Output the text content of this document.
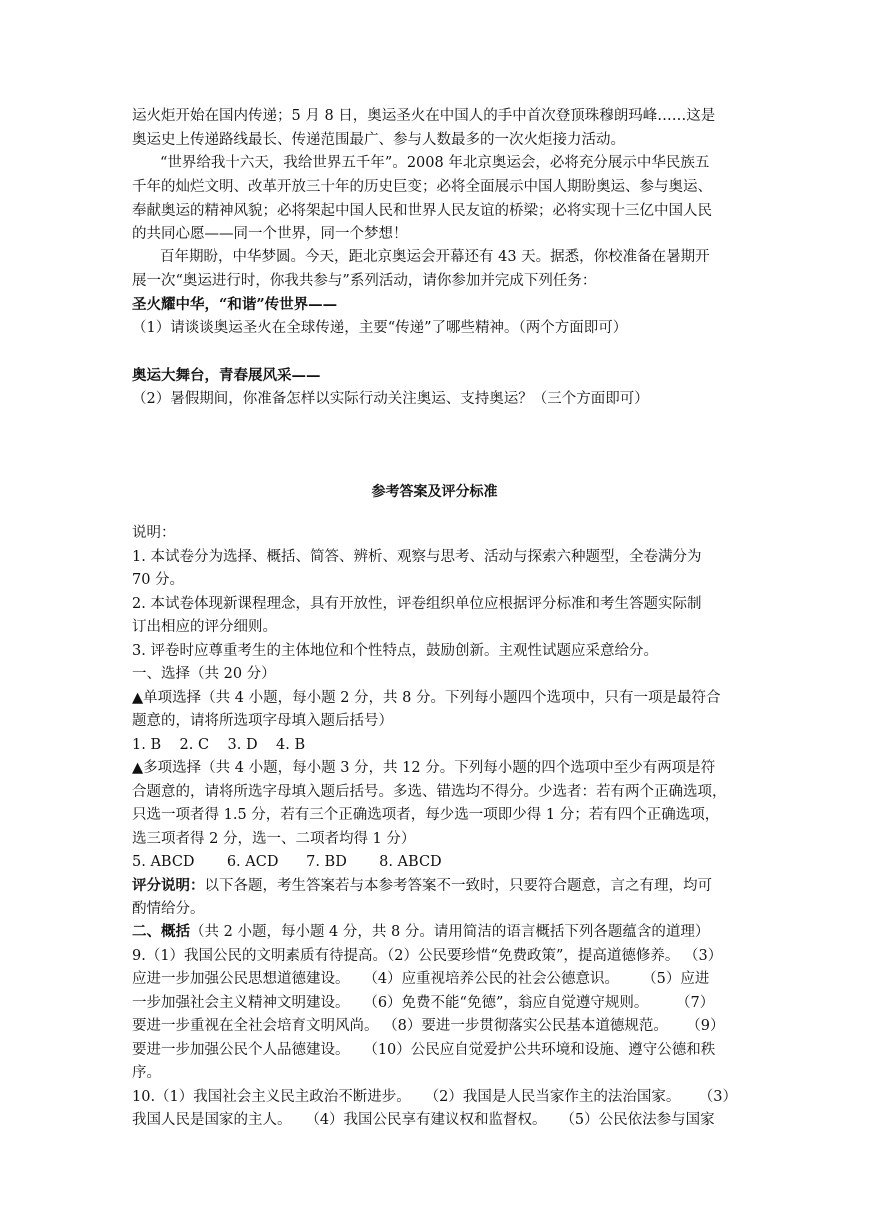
运火炬开始在国内传递；5 月 8 日，奥运圣火在中国人的手中首次登顶珠穆朗玛峰……这是
奥运史上传递路线最长、传递范围最广、参与人数最多的一次火炬接力活动。
“世界给我十六天，我给世界五千年”。2008 年北京奥运会，必将充分展示中华民族五
千年的灿烂文明、改革开放三十年的历史巨变；必将全面展示中国人期盼奥运、参与奥运、
奉献奥运的精神风貌；必将架起中国人民和世界人民友谊的桥梁；必将实现十三亿中国人民
的共同心愿——同一个世界，同一个梦想！
百年期盼，中华梦圆。今天，距北京奥运会开幕还有 43 天。据悉，你校准备在暑期开
展一次“奥运进行时，你我共参与”系列活动，请你参加并完成下列任务：
圣火耀中华，“和谐”传世界——
（1）请谈谈奥运圣火在全球传递，主要“传递”了哪些精神。（两个方面即可）
奥运大舞台，青春展风采——
（2）暑假期间，你准备怎样以实际行动关注奥运、支持奥运？（三个方面即可）
参考答案及评分标准
说明：
1. 本试卷分为选择、概括、简答、辨析、观察与思考、活动与探索六种题型，全卷满分为
70 分。
2. 本试卷体现新课程理念，具有开放性，评卷组织单位应根据评分标准和考生答题实际制
订出相应的评分细则。
3. 评卷时应尊重考生的主体地位和个性特点，鼓励创新。主观性试题应采意给分。
一、选择（共 20 分）
▲单项选择（共 4 小题，每小题 2 分，共 8 分。下列每小题四个选项中，只有一项是最符合
题意的，请将所选项字母填入题后括号）
1. B    2. C    3. D    4. B
▲多项选择（共 4 小题，每小题 3 分，共 12 分。下列每小题的四个选项中至少有两项是符
合题意的，请将所选字母填入题后括号。多选、错选均不得分。少选者：若有两个正确选项，
只选一项者得 1.5 分，若有三个正确选项者，每少选一项即少得 1 分；若有四个正确选项，
选三项者得 2 分，选一、二项者均得 1 分）
5. ABCD       6. ACD      7. BD       8. ABCD
评分说明：以下各题，考生答案若与本参考答案不一致时，只要符合题意，言之有理，均可
酌情给分。
二、概括（共 2 小题，每小题 4 分，共 8 分。请用简洁的语言概括下列各题蕴含的道理）
9.（1）我国公民的文明素质有待提高。（2）公民要珍惜“免费政策”，提高道德修养。 （3）
应进一步加强公民思想道德建设。   （4）应重视培养公民的社会公德意识。     （5）应进
一步加强社会主义精神文明建设。   （6）免费不能“免德”，翁应自觉遵守规则。      （7）
要进一步重视在全社会培育文明风尚。 （8）要进一步贯彻落实公民基本道德规范。    （9）
要进一步加强公民个人品德建设。   （10）公民应自觉爱护公共环境和设施、遵守公德和秩
序。
10.（1）我国社会主义民主政治不断进步。   （2）我国是人民当家作主的法治国家。    （3）
我国人民是国家的主人。   （4）我国公民享有建议权和监督权。   （5）公民依法参与国家
